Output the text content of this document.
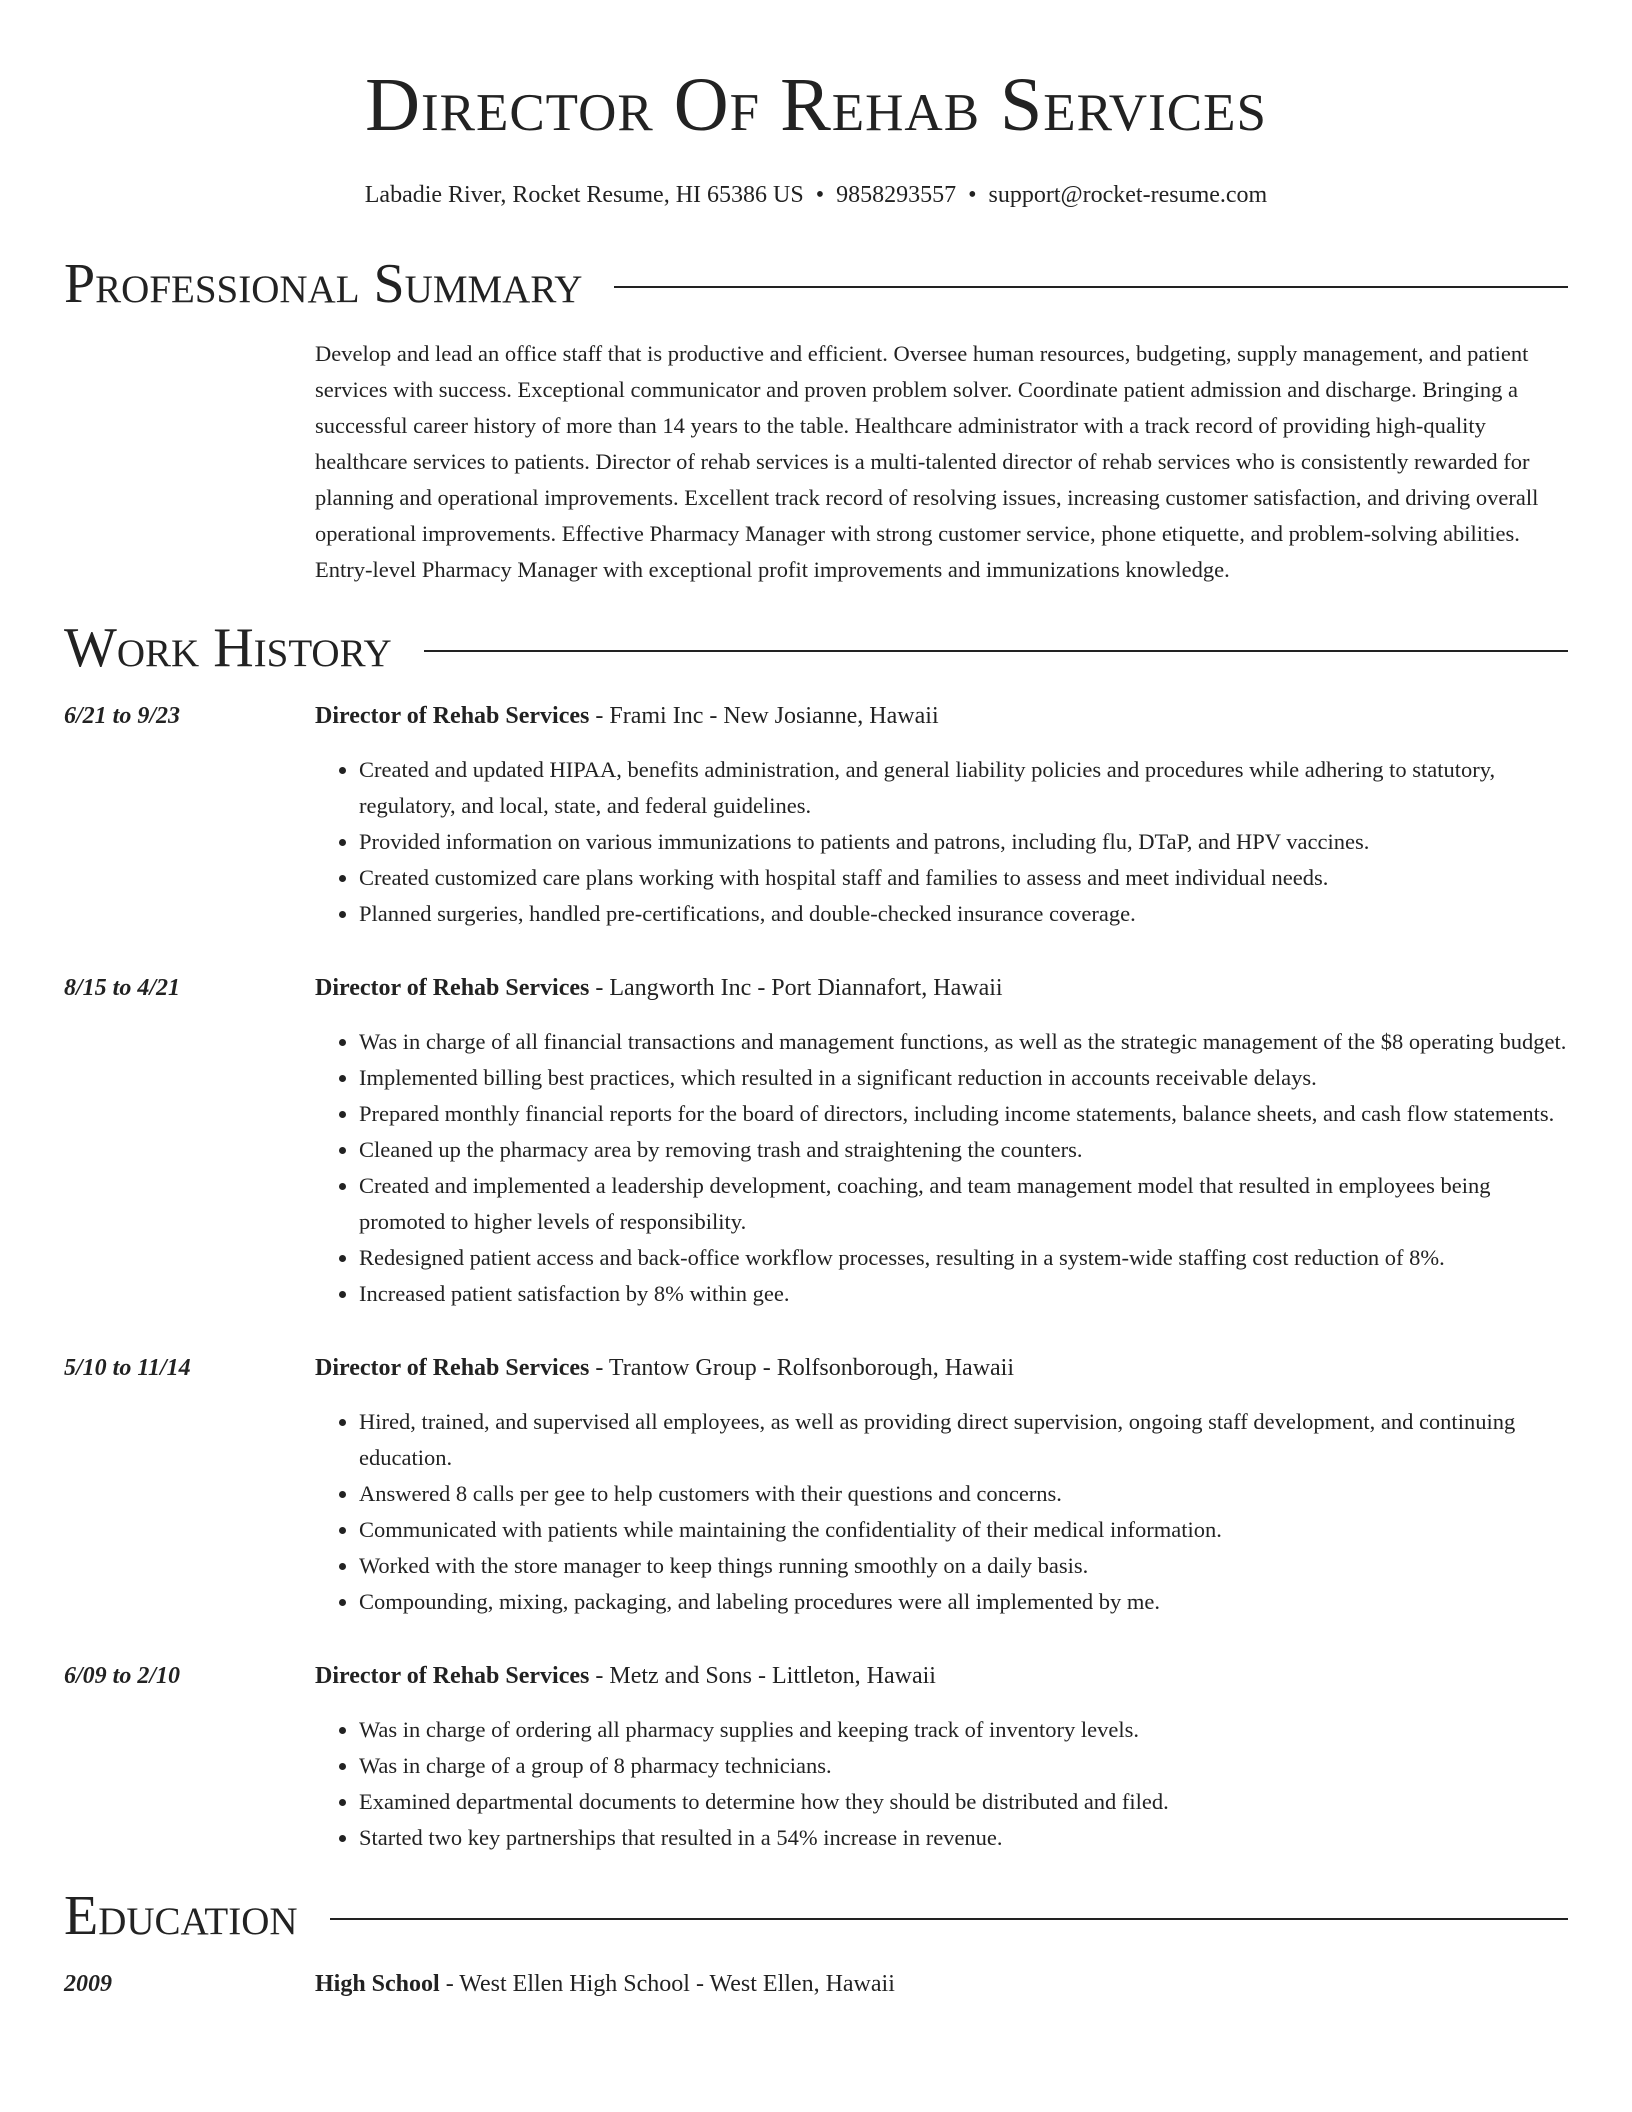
Director Of Rehab Services
Labadie River, Rocket Resume, HI 65386 US • 9858293557 • support@rocket-resume.com
Professional Summary
Develop and lead an office staff that is productive and efficient. Oversee human resources, budgeting, supply management, and patient services with success. Exceptional communicator and proven problem solver. Coordinate patient admission and discharge. Bringing a successful career history of more than 14 years to the table. Healthcare administrator with a track record of providing high-quality healthcare services to patients. Director of rehab services is a multi-talented director of rehab services who is consistently rewarded for planning and operational improvements. Excellent track record of resolving issues, increasing customer satisfaction, and driving overall operational improvements. Effective Pharmacy Manager with strong customer service, phone etiquette, and problem-solving abilities. Entry-level Pharmacy Manager with exceptional profit improvements and immunizations knowledge.
Work History
6/21 to 9/23	Director of Rehab Services - Frami Inc - New Josianne, Hawaii
• Created and updated HIPAA, benefits administration, and general liability policies and procedures while adhering to statutory, regulatory, and local, state, and federal guidelines.
• Provided information on various immunizations to patients and patrons, including flu, DTaP, and HPV vaccines.
• Created customized care plans working with hospital staff and families to assess and meet individual needs.
• Planned surgeries, handled pre-certifications, and double-checked insurance coverage.
8/15 to 4/21	Director of Rehab Services - Langworth Inc - Port Diannafort, Hawaii
• Was in charge of all financial transactions and management functions, as well as the strategic management of the $8 operating budget.
• Implemented billing best practices, which resulted in a significant reduction in accounts receivable delays.
• Prepared monthly financial reports for the board of directors, including income statements, balance sheets, and cash flow statements.
• Cleaned up the pharmacy area by removing trash and straightening the counters.
• Created and implemented a leadership development, coaching, and team management model that resulted in employees being promoted to higher levels of responsibility.
• Redesigned patient access and back-office workflow processes, resulting in a system-wide staffing cost reduction of 8%.
• Increased patient satisfaction by 8% within gee.
5/10 to 11/14	Director of Rehab Services - Trantow Group - Rolfsonborough, Hawaii
• Hired, trained, and supervised all employees, as well as providing direct supervision, ongoing staff development, and continuing education.
• Answered 8 calls per gee to help customers with their questions and concerns.
• Communicated with patients while maintaining the confidentiality of their medical information.
• Worked with the store manager to keep things running smoothly on a daily basis.
• Compounding, mixing, packaging, and labeling procedures were all implemented by me.
6/09 to 2/10	Director of Rehab Services - Metz and Sons - Littleton, Hawaii
• Was in charge of ordering all pharmacy supplies and keeping track of inventory levels.
• Was in charge of a group of 8 pharmacy technicians.
• Examined departmental documents to determine how they should be distributed and filed.
• Started two key partnerships that resulted in a 54% increase in revenue.
Education
2009	High School - West Ellen High School - West Ellen, Hawaii
